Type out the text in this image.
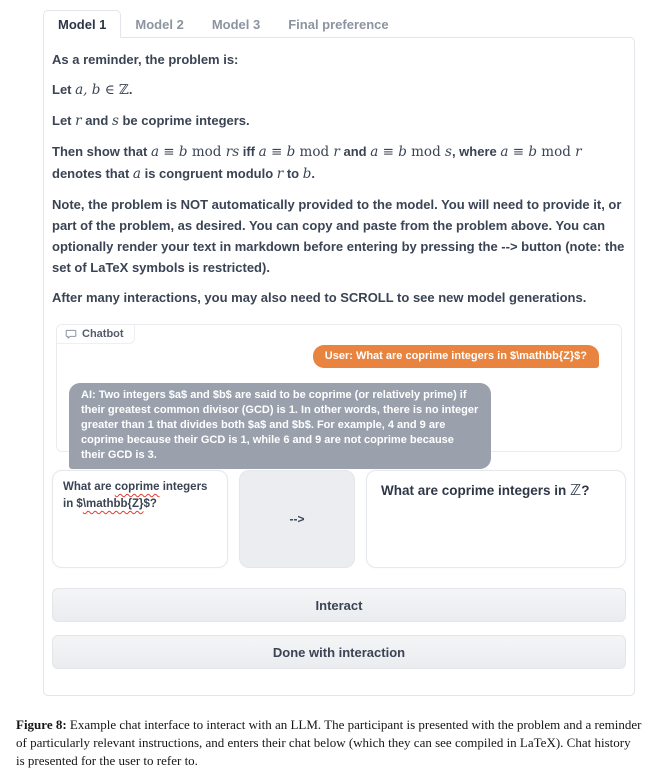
Model 1	Model 2	Model 3	Final preference

As a reminder, the problem is:

Let a, b ∈ ℤ.

Let r and s be coprime integers.

Then show that a ≡ b mod rs iff a ≡ b mod r and a ≡ b mod s, where a ≡ b mod r denotes that a is congruent modulo r to b.

Note, the problem is NOT automatically provided to the model. You will need to provide it, or part of the problem, as desired. You can copy and paste from the problem above. You can optionally render your text in markdown before entering by pressing the --> button (note: the set of LaTeX symbols is restricted).

After many interactions, you may also need to SCROLL to see new model generations.

Chatbot
User: What are coprime integers in $\mathbb{Z}$?
AI: Two integers $a$ and $b$ are said to be coprime (or relatively prime) if their greatest common divisor (GCD) is 1. In other words, there is no integer greater than 1 that divides both $a$ and $b$. For example, 4 and 9 are coprime because their GCD is 1, while 6 and 9 are not coprime because their GCD is 3.
What are coprime integers in $\mathbb{Z}$?
-->
What are coprime integers in ℤ?
Interact
Done with interaction
Figure 8: Example chat interface to interact with an LLM. The participant is presented with the problem and a reminder of particularly relevant instructions, and enters their chat below (which they can see compiled in LaTeX). Chat history is presented for the user to refer to.
